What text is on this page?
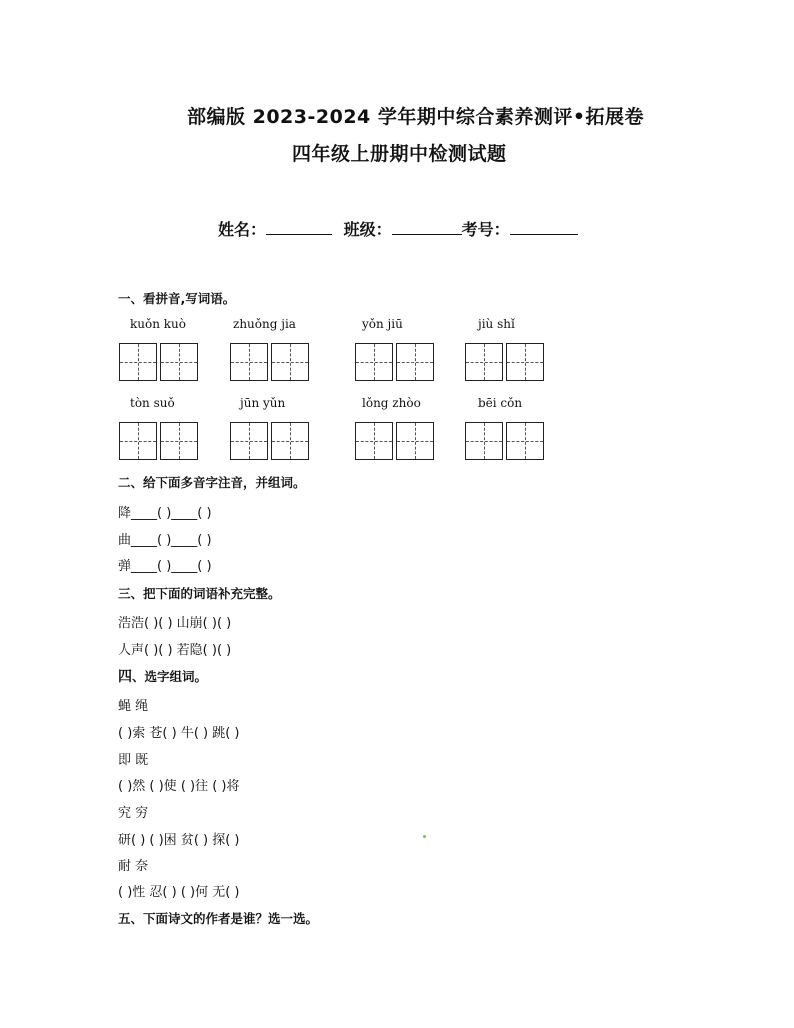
部编版 2023-2024 学年期中综合素养测评•拓展卷
四年级上册期中检测试题
姓名：	班级：	考号：
一、看拼音,写词语。
kuǒn kuò	zhuǒng jia	yǒn jiū	jiù shǐ
tòn suǒ	jūn yǔn	lǒng zhòo	bēi cǒn
二、给下面多音字注音，并组词。
降____( )____( )
曲____( )____( )
弹____( )____( )
三、把下面的词语补充完整。
浩浩( )( ) 山崩( )( )
人声( )( ) 若隐( )( )
四、选字组词。
蝇 绳
( )索 苍( ) 牛( ) 跳( )
即 既
( )然 ( )使 ( )往 ( )将
究 穷
研( ) ( )困 贫( ) 探( )
耐 奈
( )性 忍( ) ( )何 无( )
五、下面诗文的作者是谁？选一选。
